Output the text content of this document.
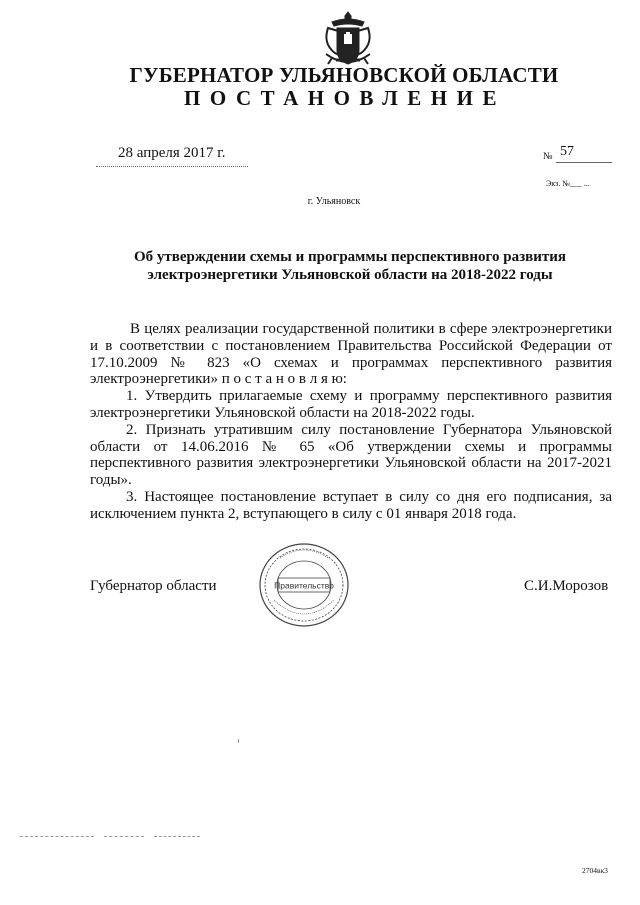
ГУБЕРНАТОР УЛЬЯНОВСКОЙ ОБЛАСТИ
ПОСТАНОВЛЕНИЕ
28 апреля 2017 г.	№ 57
Экз. №___ ...
г. Ульяновск
Об утверждении схемы и программы перспективного развития
электроэнергетики Ульяновской области на 2018-2022 годы

В целях реализации государственной политики в сфере электроэнергетики и в соответствии с постановлением Правительства Российской Федерации от 17.10.2009 № 823 «О схемах и программах перспективного развития электроэнергетики» п о с т а н о в л я ю:

1. Утвердить прилагаемые схему и программу перспективного развития электроэнергетики Ульяновской области на 2018-2022 годы.

2. Признать утратившим силу постановление Губернатора Ульяновской области от 14.06.2016 № 65 «Об утверждении схемы и программы перспективного развития электроэнергетики Ульяновской области на 2017-2021 годы».

3. Настоящее постановление вступает в силу со дня его подписания, за исключением пункта 2, вступающего в силу с 01 января 2018 года.

Губернатор области	Правительство	С.И.Морозов
2704вк3
